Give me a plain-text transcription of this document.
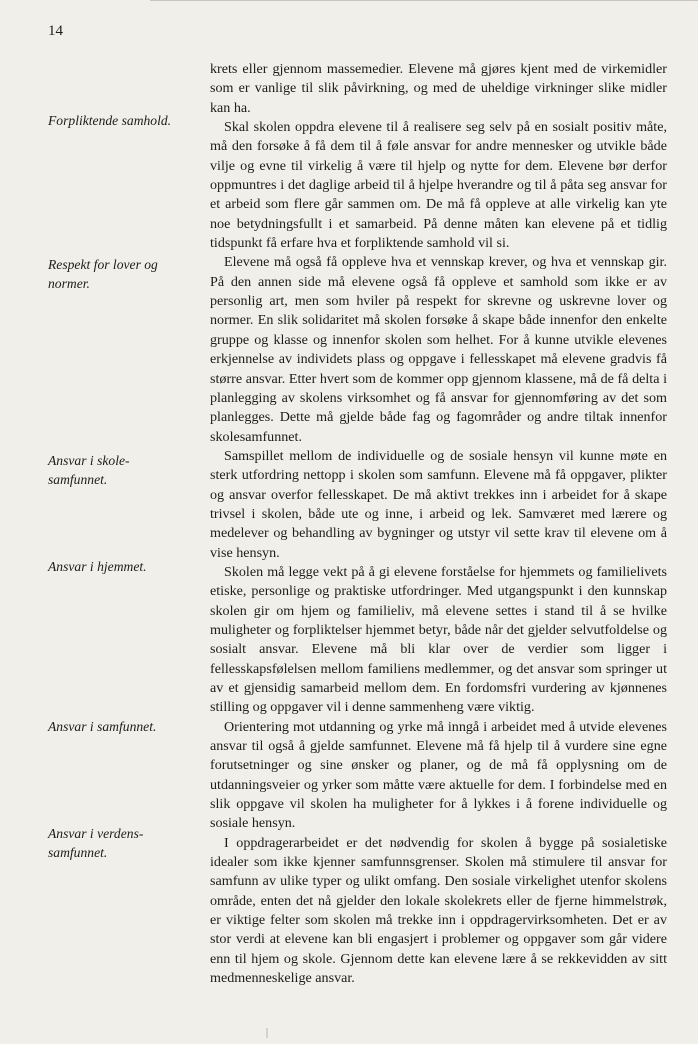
14
Forpliktende samhold.
Respekt for lover og
normer.
Ansvar i skole-
samfunnet.
Ansvar i hjemmet.
Ansvar i samfunnet.
Ansvar i verdens-
samfunnet.

krets eller gjennom massemedier. Elevene må gjøres kjent med de virkemidler som er vanlige til slik påvirkning, og med de uheldige virkninger slike midler kan ha.

Skal skolen oppdra elevene til å realisere seg selv på en sosialt positiv måte, må den forsøke å få dem til å føle ansvar for andre mennesker og utvikle både vilje og evne til virkelig å være til hjelp og nytte for dem. Elevene bør derfor oppmuntres i det daglige arbeid til å hjelpe hverandre og til å påta seg ansvar for et arbeid som flere går sammen om. De må få oppleve at alle virkelig kan yte noe betydningsfullt i et samarbeid. På denne måten kan elevene på et tidlig tidspunkt få erfare hva et forpliktende samhold vil si.

Elevene må også få oppleve hva et vennskap krever, og hva et vennskap gir. På den annen side må elevene også få oppleve et samhold som ikke er av personlig art, men som hviler på respekt for skrevne og uskrevne lover og normer. En slik solidaritet må skolen forsøke å skape både innenfor den enkelte gruppe og klasse og innenfor skolen som helhet. For å kunne utvikle elevenes erkjennelse av individets plass og oppgave i fellesskapet må elevene gradvis få større ansvar. Etter hvert som de kommer opp gjennom klassene, må de få delta i planlegging av skolens virksomhet og få ansvar for gjennomføring av det som planlegges. Dette må gjelde både fag og fagområder og andre tiltak innenfor skolesamfunnet.

Samspillet mellom de individuelle og de sosiale hensyn vil kunne møte en sterk utfordring nettopp i skolen som samfunn. Elevene må få oppgaver, plikter og ansvar overfor fellesskapet. De må aktivt trekkes inn i arbeidet for å skape trivsel i skolen, både ute og inne, i arbeid og lek. Samværet med lærere og medelever og behandling av bygninger og utstyr vil sette krav til elevene om å vise hensyn.

Skolen må legge vekt på å gi elevene forståelse for hjemmets og familielivets etiske, personlige og praktiske utfordringer. Med utgangspunkt i den kunnskap skolen gir om hjem og familieliv, må elevene settes i stand til å se hvilke muligheter og forpliktelser hjemmet betyr, både når det gjelder selvutfoldelse og sosialt ansvar. Elevene må bli klar over de verdier som ligger i fellesskapsfølelsen mellom familiens medlemmer, og det ansvar som springer ut av et gjensidig samarbeid mellom dem. En fordomsfri vurdering av kjønnenes stilling og oppgaver vil i denne sammenheng være viktig.

Orientering mot utdanning og yrke må inngå i arbeidet med å utvide elevenes ansvar til også å gjelde samfunnet. Elevene må få hjelp til å vurdere sine egne forutsetninger og sine ønsker og planer, og de må få opplysning om de utdanningsveier og yrker som måtte være aktuelle for dem. I forbindelse med en slik oppgave vil skolen ha muligheter for å lykkes i å forene individuelle og sosiale hensyn.

I oppdragerarbeidet er det nødvendig for skolen å bygge på sosialetiske idealer som ikke kjenner samfunnsgrenser. Skolen må stimulere til ansvar for samfunn av ulike typer og ulikt omfang. Den sosiale virkelighet utenfor skolens område, enten det nå gjelder den lokale skolekrets eller de fjerne himmelstrøk, er viktige felter som skolen må trekke inn i oppdragervirksomheten. Det er av stor verdi at elevene kan bli engasjert i problemer og oppgaver som går videre enn til hjem og skole. Gjennom dette kan elevene lære å se rekkevidden av sitt medmenneskelige ansvar.
